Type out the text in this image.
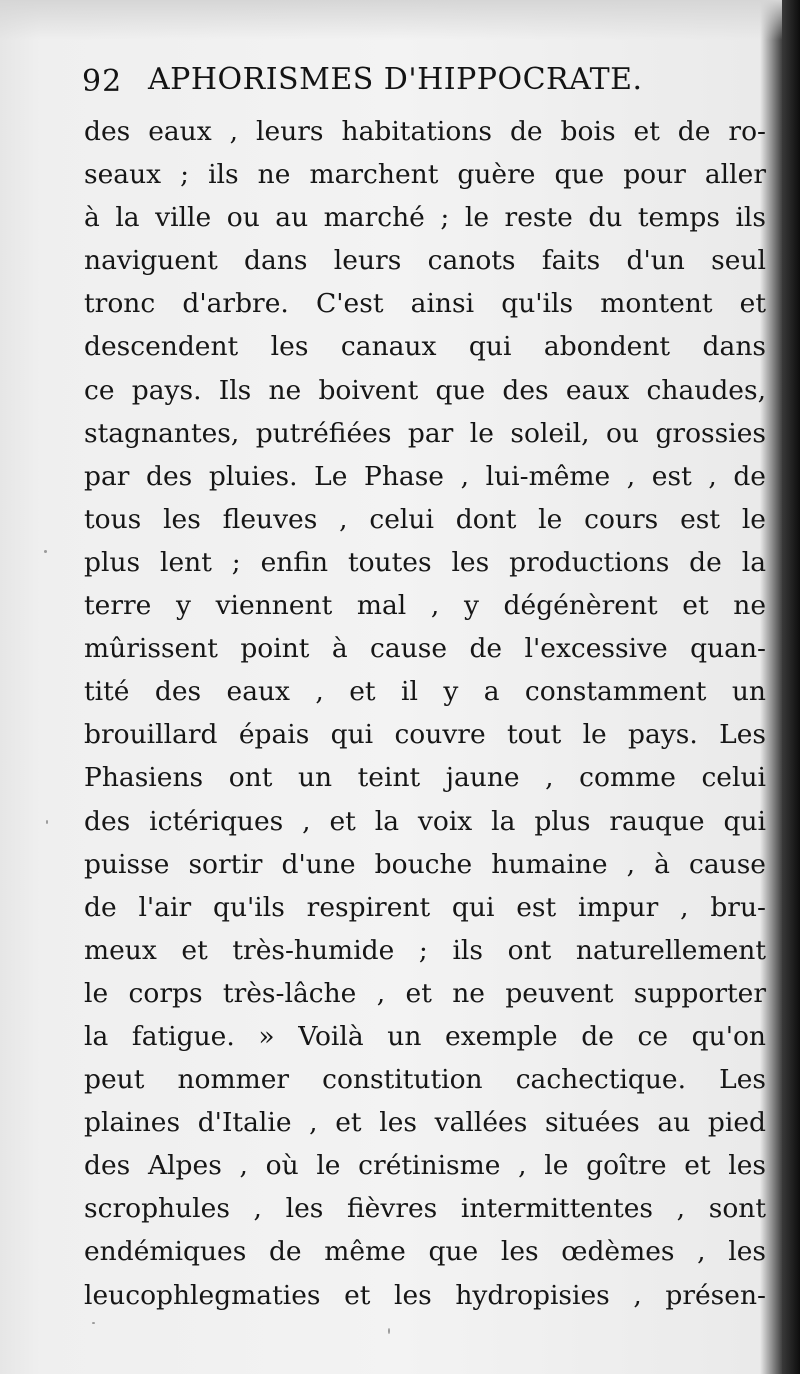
92 APHORISMES D'HIPPOCRATE.
des eaux , leurs habitations de bois et de ro-
seaux ; ils ne marchent guère que pour aller
à la ville ou au marché ; le reste du temps ils
naviguent dans leurs canots faits d'un seul
tronc d'arbre. C'est ainsi qu'ils montent et
descendent les canaux qui abondent dans
ce pays. Ils ne boivent que des eaux chaudes,
stagnantes, putréfiées par le soleil, ou grossies
par des pluies. Le Phase , lui-même , est , de
tous les fleuves , celui dont le cours est le
plus lent ; enfin toutes les productions de la
terre y viennent mal , y dégénèrent et ne
mûrissent point à cause de l'excessive quan-
tité des eaux , et il y a constamment un
brouillard épais qui couvre tout le pays. Les
Phasiens ont un teint jaune , comme celui
des ictériques , et la voix la plus rauque qui
puisse sortir d'une bouche humaine , à cause
de l'air qu'ils respirent qui est impur , bru-
meux et très-humide ; ils ont naturellement
le corps très-lâche , et ne peuvent supporter
la fatigue. » Voilà un exemple de ce qu'on
peut nommer constitution cachectique. Les
plaines d'Italie , et les vallées situées au pied
des Alpes , où le crétinisme , le goître et les
scrophules , les fièvres intermittentes , sont
endémiques de même que les œdèmes , les
leucophlegmaties et les hydropisies , présen-
